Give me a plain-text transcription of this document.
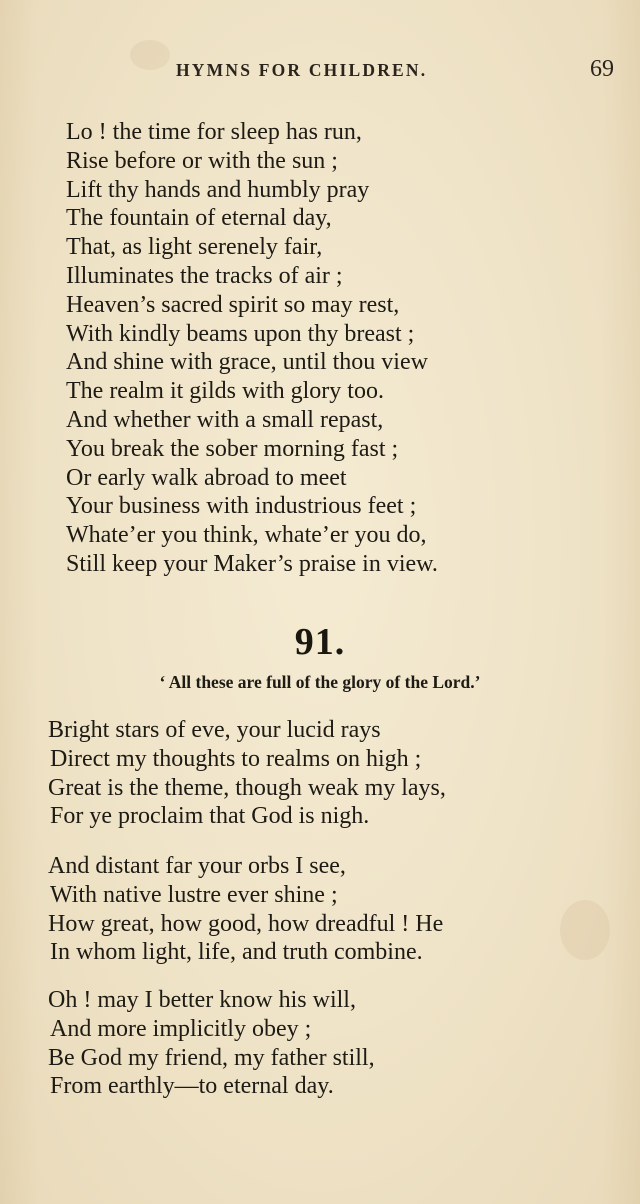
HYMNS FOR CHILDREN.	69
Lo ! the time for sleep has run,
Rise before or with the sun ;
Lift thy hands and humbly pray
The fountain of eternal day,
That, as light serenely fair,
Illuminates the tracks of air ;
Heaven’s sacred spirit so may rest,
With kindly beams upon thy breast ;
And shine with grace, until thou view
The realm it gilds with glory too.
And whether with a small repast,
You break the sober morning fast ;
Or early walk abroad to meet
Your business with industrious feet ;
Whate’er you think, whate’er you do,
Still keep your Maker’s praise in view.
91.
‘ All these are full of the glory of the Lord.’
Bright stars of eve, your lucid rays
Direct my thoughts to realms on high ;
Great is the theme, though weak my lays,
For ye proclaim that God is nigh.
And distant far your orbs I see,
With native lustre ever shine ;
How great, how good, how dreadful ! He
In whom light, life, and truth combine.
Oh ! may I better know his will,
And more implicitly obey ;
Be God my friend, my father still,
From earthly—to eternal day.
